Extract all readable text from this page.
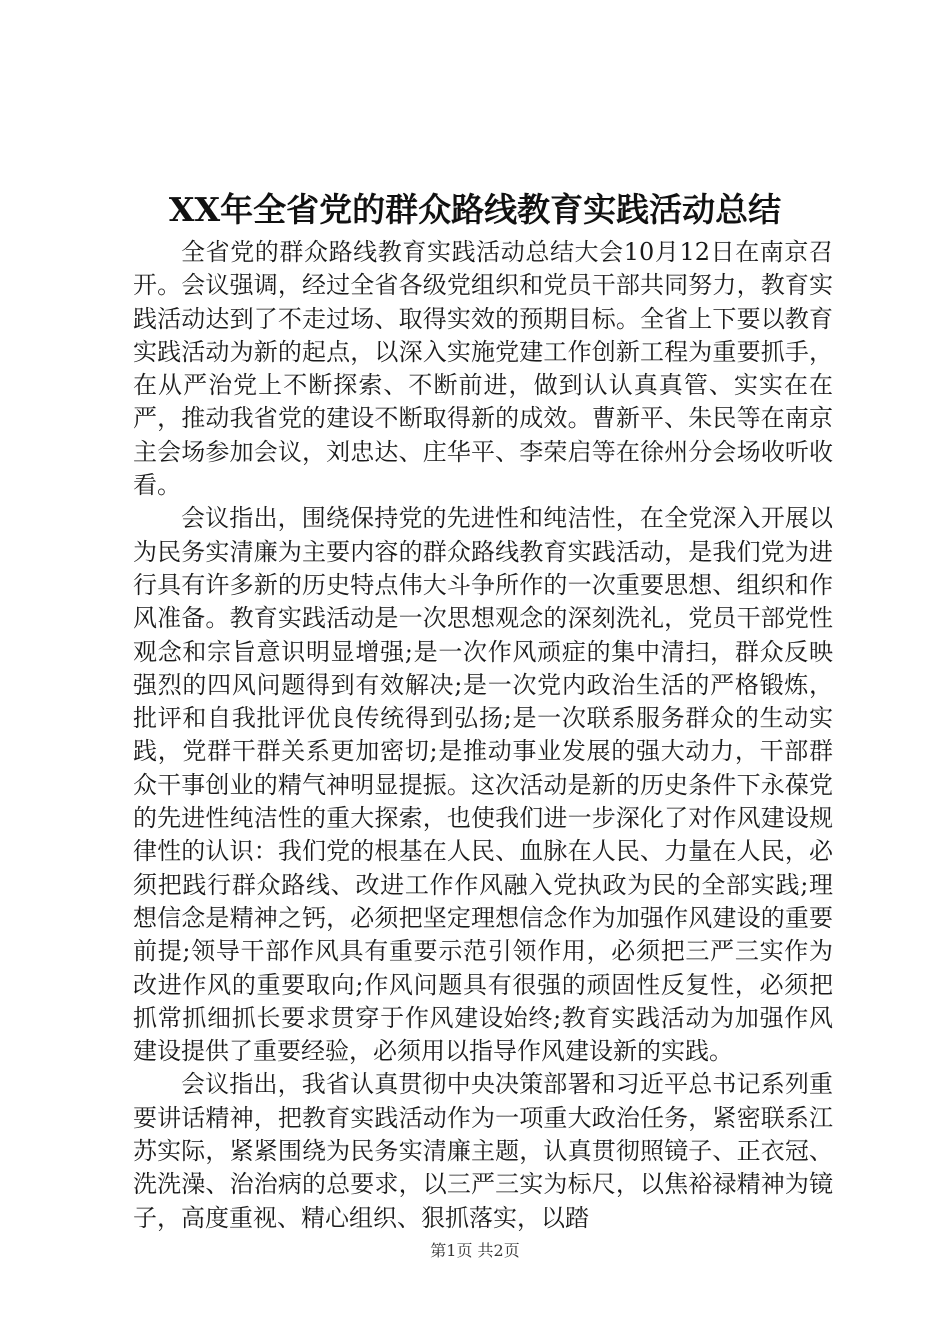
XX年全省党的群众路线教育实践活动总结

全省党的群众路线教育实践活动总结大会10月12日在南京召开。会议强调，经过全省各级党组织和党员干部共同努力，教育实践活动达到了不走过场、取得实效的预期目标。全省上下要以教育实践活动为新的起点，以深入实施党建工作创新工程为重要抓手，在从严治党上不断探索、不断前进，做到认认真真管、实实在在严，推动我省党的建设不断取得新的成效。曹新平、朱民等在南京主会场参加会议，刘忠达、庄华平、李荣启等在徐州分会场收听收看。

会议指出，围绕保持党的先进性和纯洁性，在全党深入开展以为民务实清廉为主要内容的群众路线教育实践活动，是我们党为进行具有许多新的历史特点伟大斗争所作的一次重要思想、组织和作风准备。教育实践活动是一次思想观念的深刻洗礼，党员干部党性观念和宗旨意识明显增强;是一次作风顽症的集中清扫，群众反映强烈的四风问题得到有效解决;是一次党内政治生活的严格锻炼，批评和自我批评优良传统得到弘扬;是一次联系服务群众的生动实践，党群干群关系更加密切;是推动事业发展的强大动力，干部群众干事创业的精气神明显提振。这次活动是新的历史条件下永葆党的先进性纯洁性的重大探索，也使我们进一步深化了对作风建设规律性的认识：我们党的根基在人民、血脉在人民、力量在人民，必须把践行群众路线、改进工作作风融入党执政为民的全部实践;理想信念是精神之钙，必须把坚定理想信念作为加强作风建设的重要前提;领导干部作风具有重要示范引领作用，必须把三严三实作为改进作风的重要取向;作风问题具有很强的顽固性反复性，必须把抓常抓细抓长要求贯穿于作风建设始终;教育实践活动为加强作风建设提供了重要经验，必须用以指导作风建设新的实践。

会议指出，我省认真贯彻中央决策部署和习近平总书记系列重要讲话精神，把教育实践活动作为一项重大政治任务，紧密联系江苏实际，紧紧围绕为民务实清廉主题，认真贯彻照镜子、正衣冠、洗洗澡、治治病的总要求，以三严三实为标尺，以焦裕禄精神为镜子，高度重视、精心组织、狠抓落实，以踏

第1页 共2页
